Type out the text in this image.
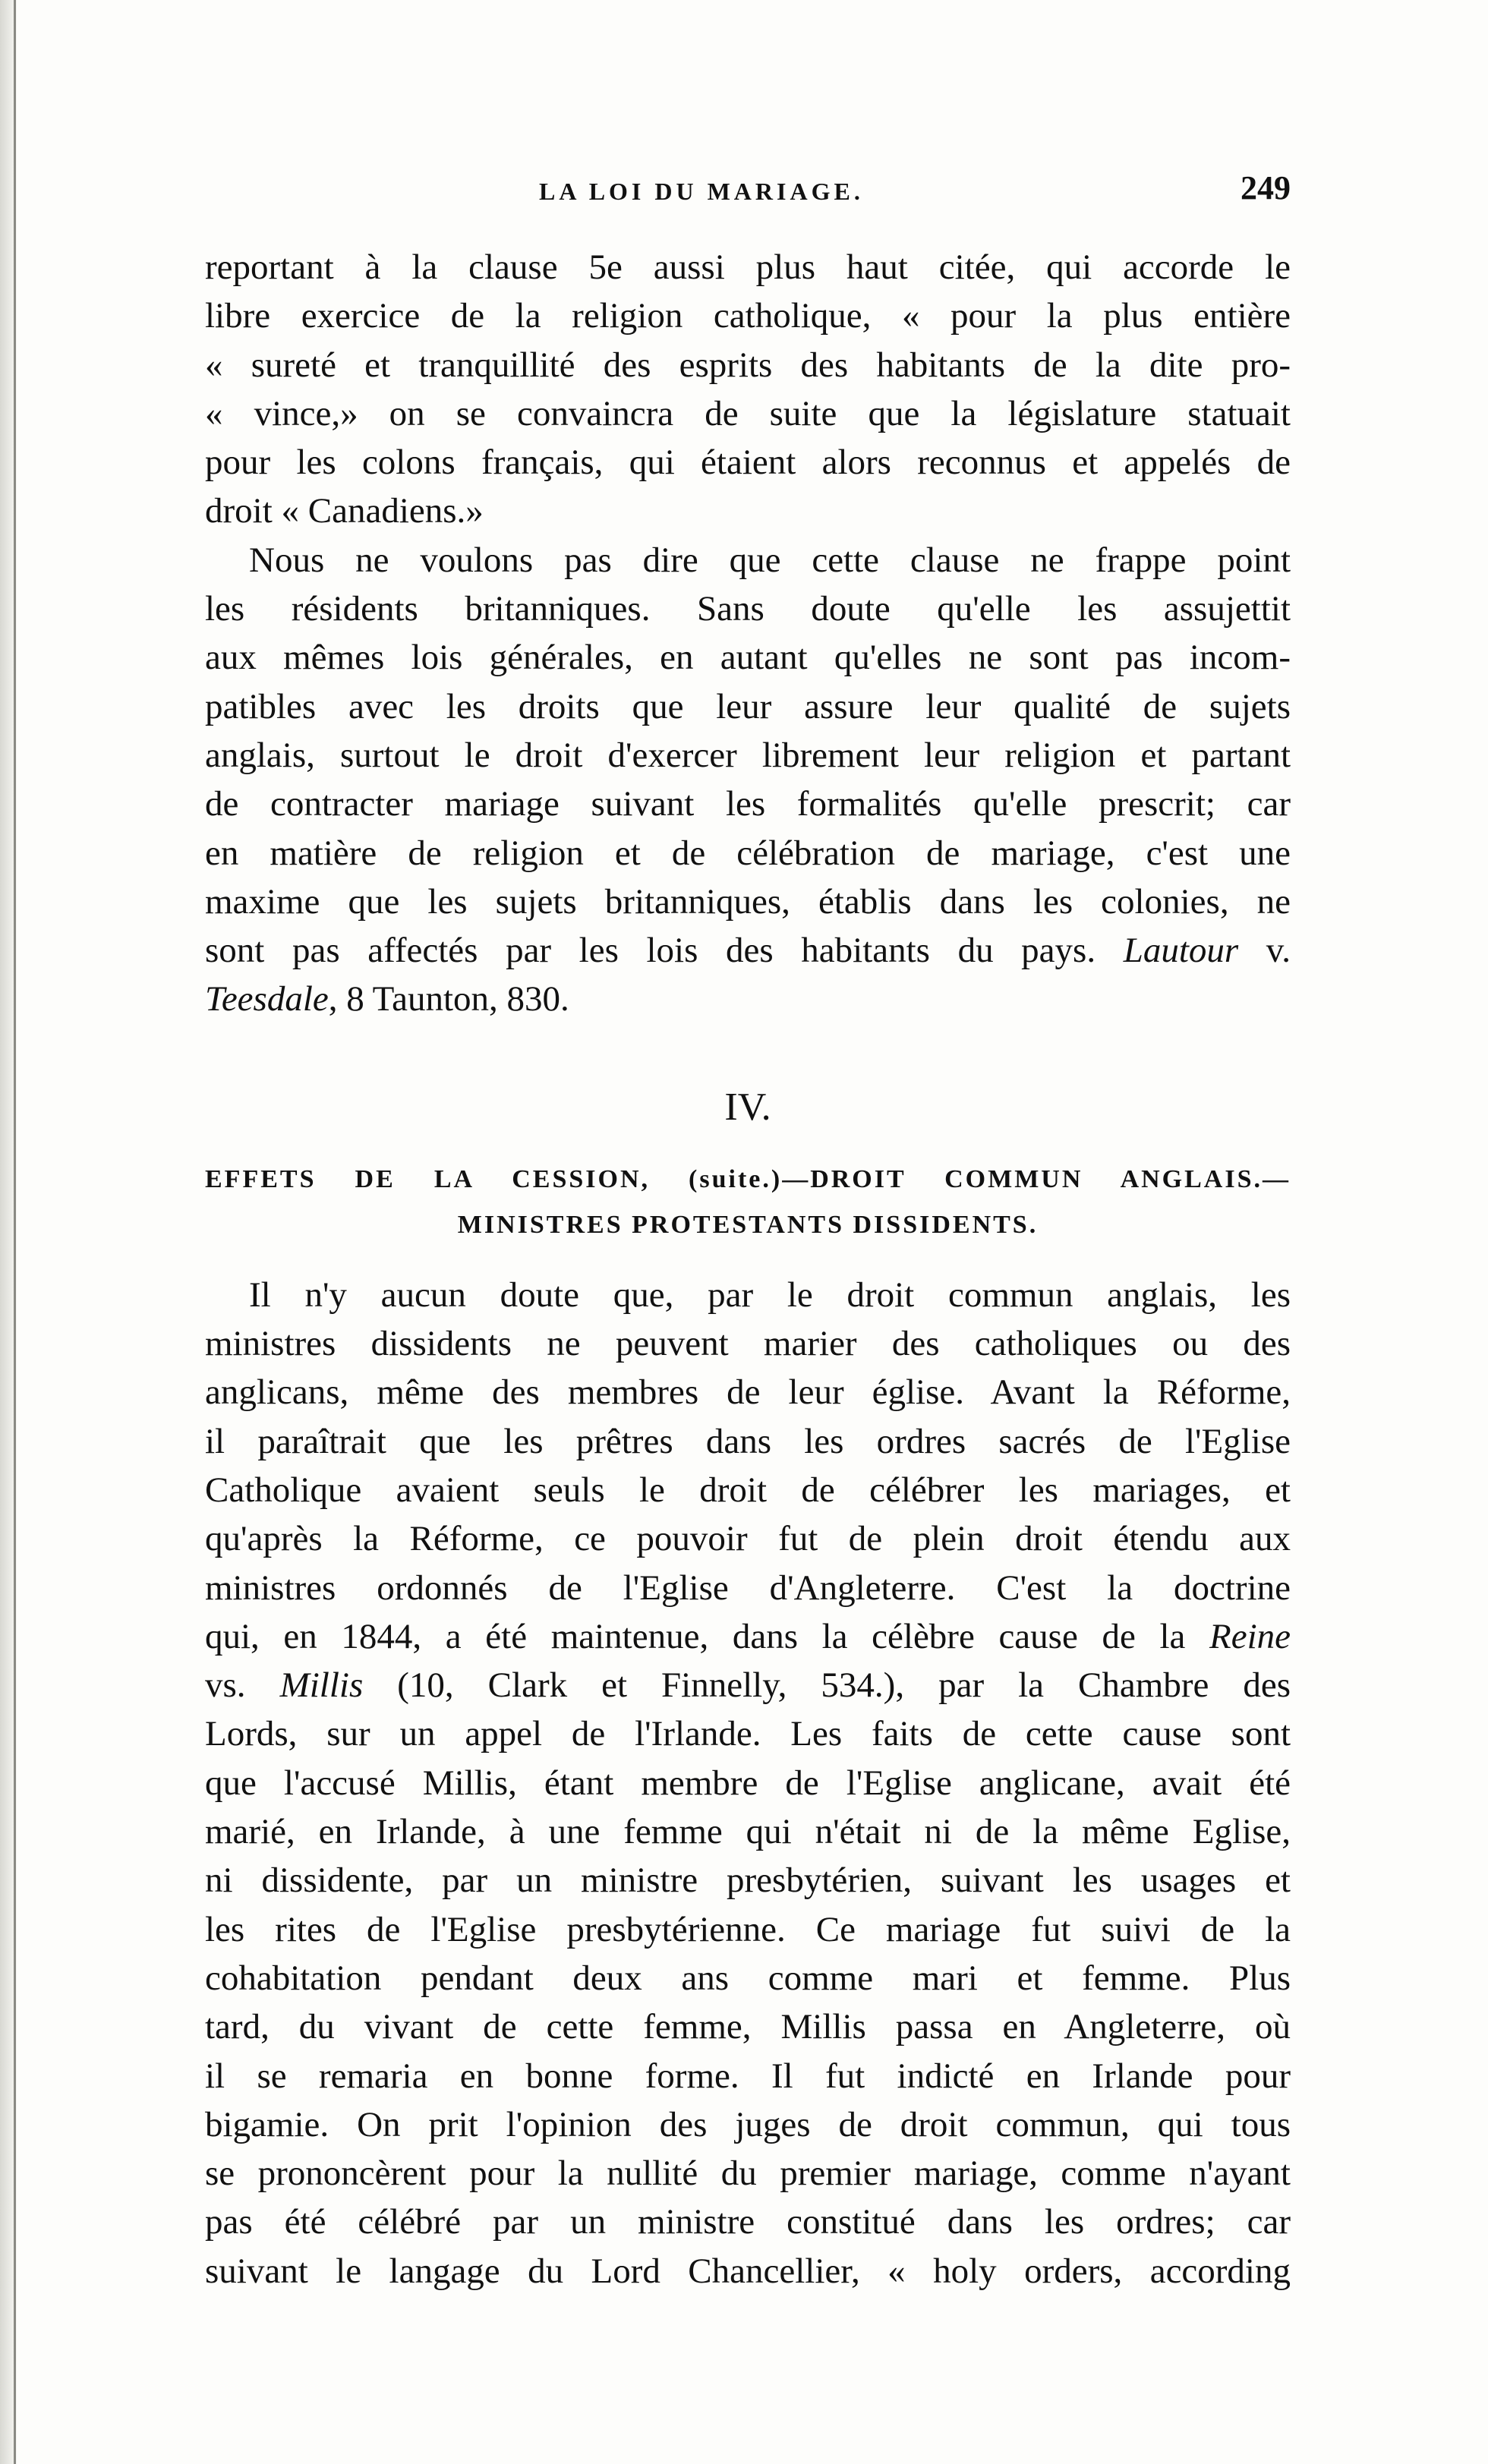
LA LOI DU MARIAGE.	249
reportant à la clause 5e aussi plus haut citée, qui accorde le
libre exercice de la religion catholique, « pour la plus entière
« sureté et tranquillité des esprits des habitants de la dite pro-
« vince,» on se convaincra de suite que la législature statuait
pour les colons français, qui étaient alors reconnus et appelés de
droit « Canadiens.»
Nous ne voulons pas dire que cette clause ne frappe point
les résidents britanniques. Sans doute qu'elle les assujettit
aux mêmes lois générales, en autant qu'elles ne sont pas incom-
patibles avec les droits que leur assure leur qualité de sujets
anglais, surtout le droit d'exercer librement leur religion et partant
de contracter mariage suivant les formalités qu'elle prescrit; car
en matière de religion et de célébration de mariage, c'est une
maxime que les sujets britanniques, établis dans les colonies, ne
sont pas affectés par les lois des habitants du pays. Lautour v.
Teesdale, 8 Taunton, 830.
IV.
EFFETS DE LA CESSION, (suite.)—DROIT COMMUN ANGLAIS.—
MINISTRES PROTESTANTS DISSIDENTS.
Il n'y aucun doute que, par le droit commun anglais, les
ministres dissidents ne peuvent marier des catholiques ou des
anglicans, même des membres de leur église. Avant la Réforme,
il paraîtrait que les prêtres dans les ordres sacrés de l'Eglise
Catholique avaient seuls le droit de célébrer les mariages, et
qu'après la Réforme, ce pouvoir fut de plein droit étendu aux
ministres ordonnés de l'Eglise d'Angleterre. C'est la doctrine
qui, en 1844, a été maintenue, dans la célèbre cause de la Reine
vs. Millis (10, Clark et Finnelly, 534.), par la Chambre des
Lords, sur un appel de l'Irlande. Les faits de cette cause sont
que l'accusé Millis, étant membre de l'Eglise anglicane, avait été
marié, en Irlande, à une femme qui n'était ni de la même Eglise,
ni dissidente, par un ministre presbytérien, suivant les usages et
les rites de l'Eglise presbytérienne. Ce mariage fut suivi de la
cohabitation pendant deux ans comme mari et femme. Plus
tard, du vivant de cette femme, Millis passa en Angleterre, où
il se remaria en bonne forme. Il fut indicté en Irlande pour
bigamie. On prit l'opinion des juges de droit commun, qui tous
se prononcèrent pour la nullité du premier mariage, comme n'ayant
pas été célébré par un ministre constitué dans les ordres; car
suivant le langage du Lord Chancellier, « holy orders, according
